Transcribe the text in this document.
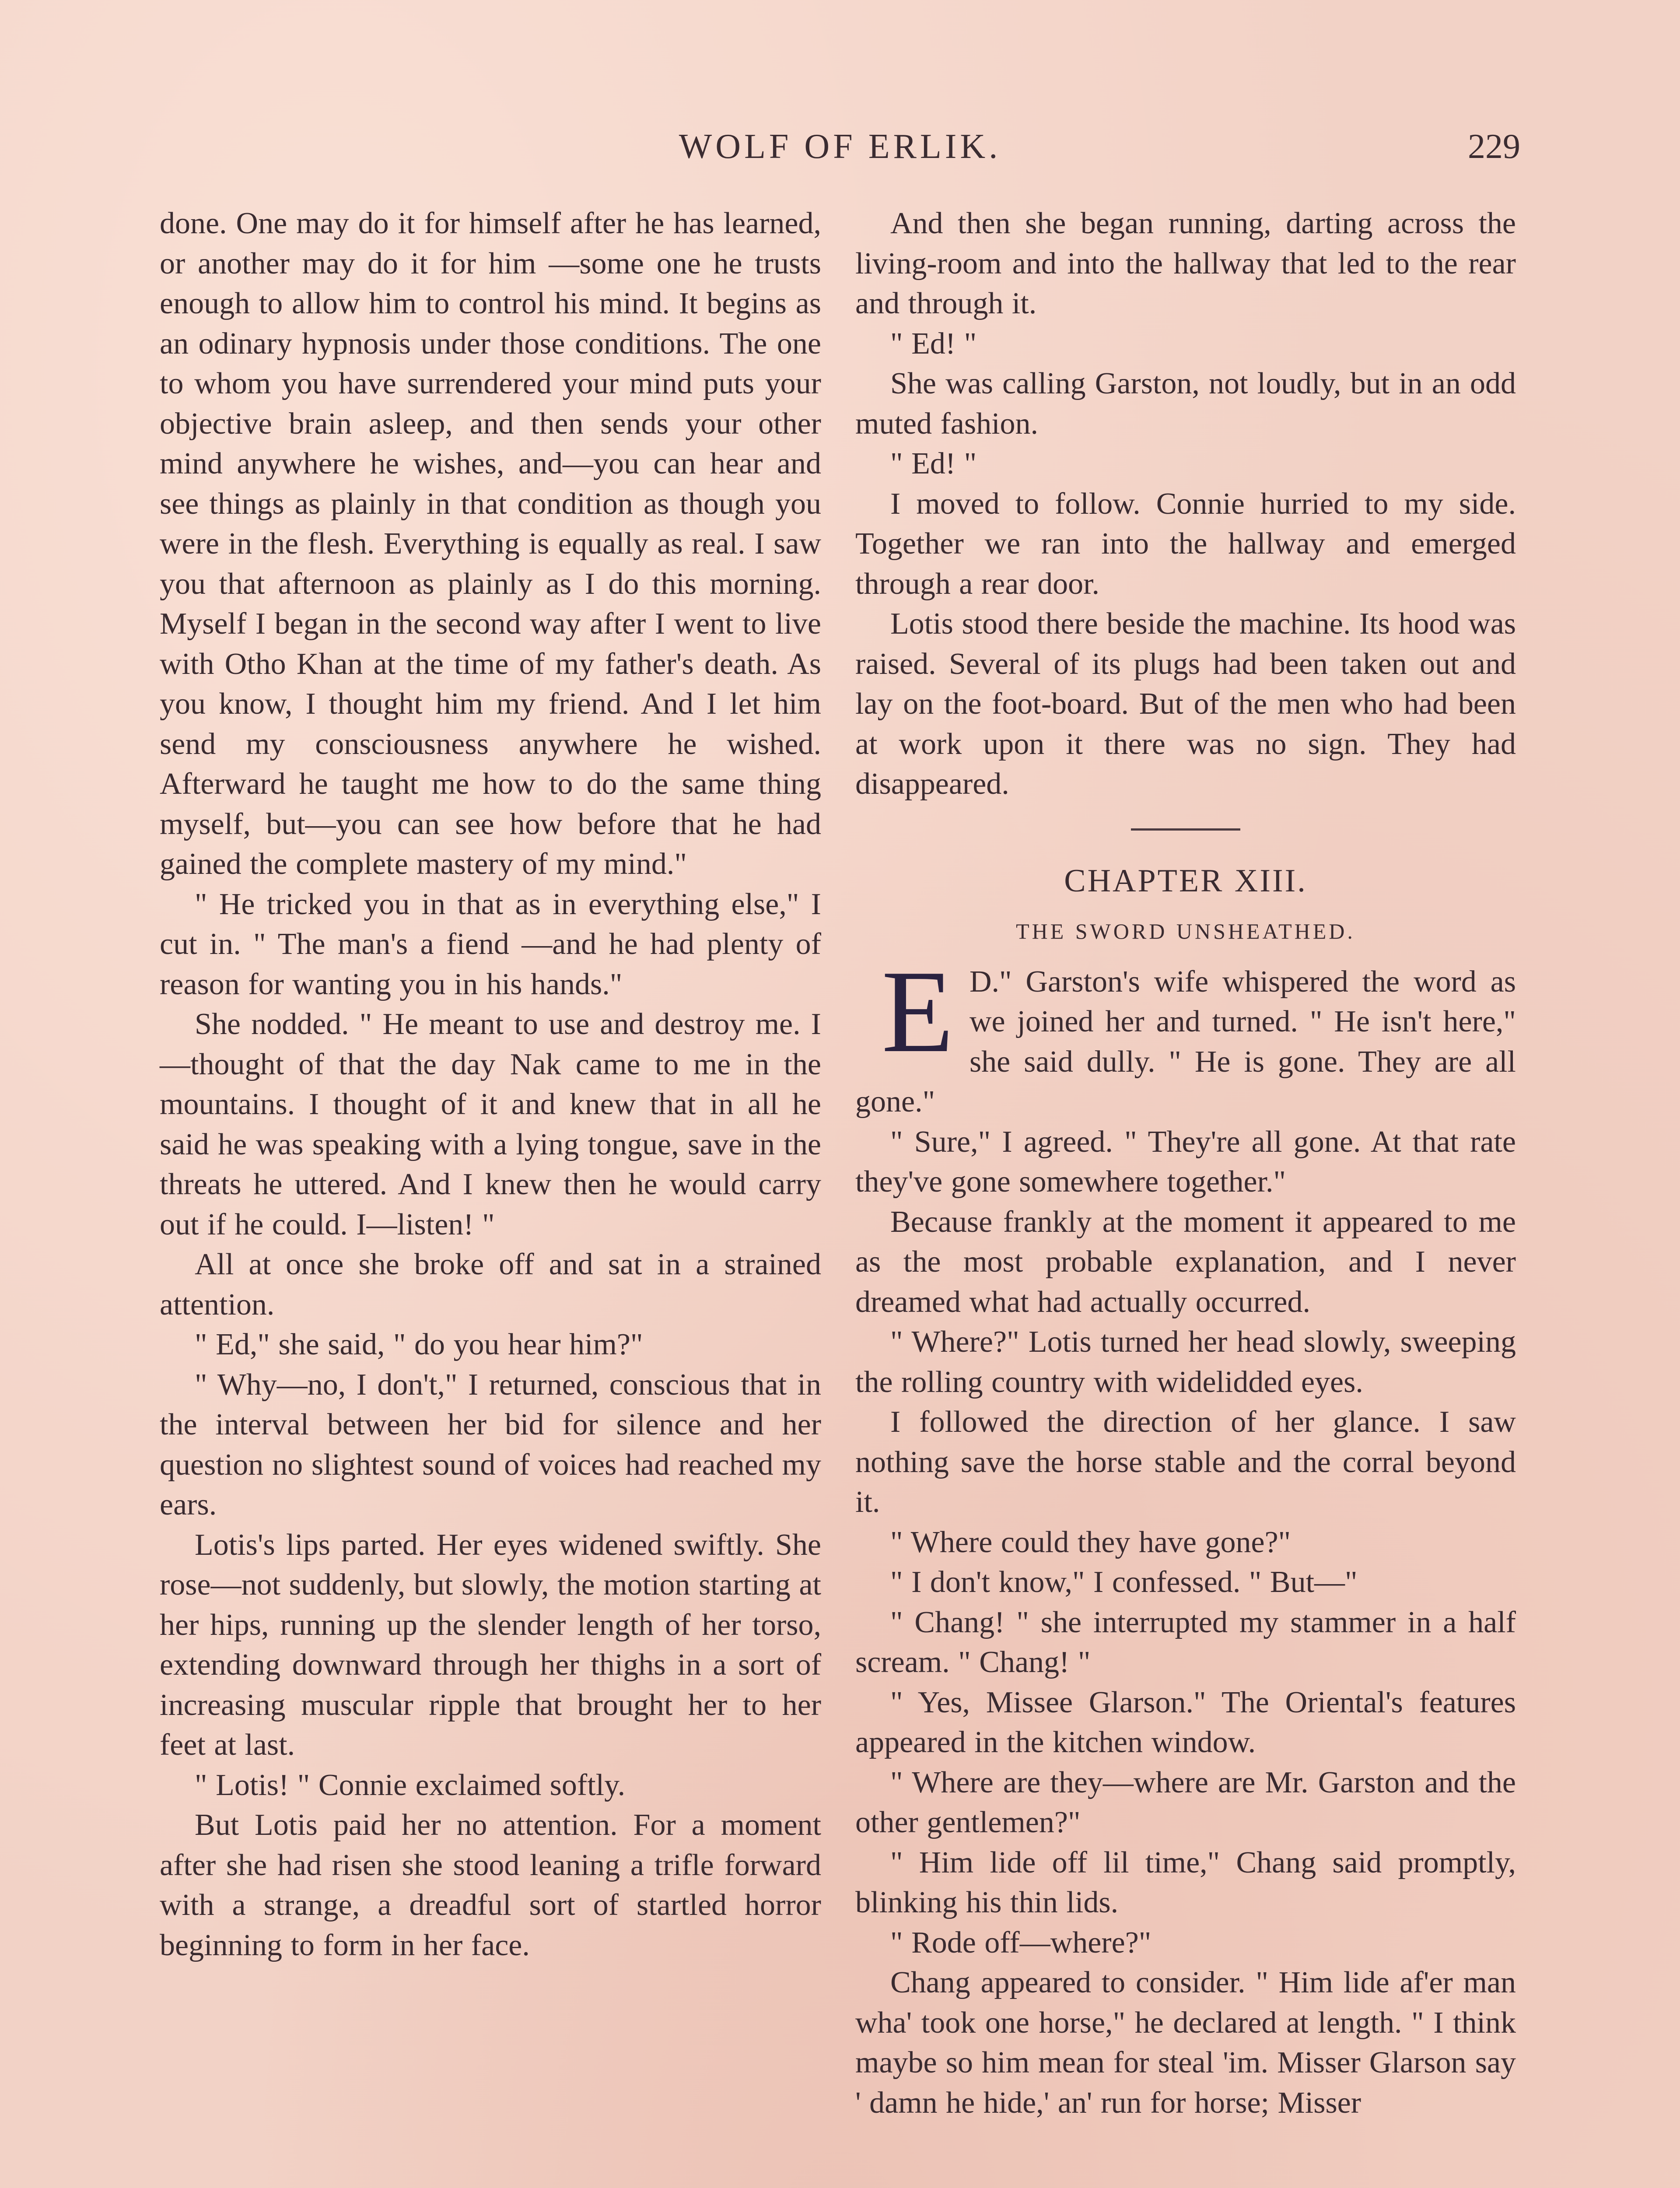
WOLF OF ERLIK.	229

done. One may do it for himself after he has learned, or another may do it for him —some one he trusts enough to allow him to control his mind. It begins as an odinary hypnosis under those conditions. The one to whom you have surrendered your mind puts your objective brain asleep, and then sends your other mind anywhere he wishes, and—you can hear and see things as plainly in that condition as though you were in the flesh. Everything is equally as real. I saw you that afternoon as plainly as I do this morning. Myself I began in the second way after I went to live with Otho Khan at the time of my father's death. As you know, I thought him my friend. And I let him send my consciousness anywhere he wished. Afterward he taught me how to do the same thing myself, but—you can see how before that he had gained the complete mastery of my mind."

" He tricked you in that as in everything else," I cut in. " The man's a fiend —and he had plenty of reason for wanting you in his hands."

She nodded. " He meant to use and destroy me. I—thought of that the day Nak came to me in the mountains. I thought of it and knew that in all he said he was speaking with a lying tongue, save in the threats he uttered. And I knew then he would carry out if he could. I—listen! "

All at once she broke off and sat in a strained attention.

" Ed," she said, " do you hear him?"

" Why—no, I don't," I returned, conscious that in the interval between her bid for silence and her question no slightest sound of voices had reached my ears.

Lotis's lips parted. Her eyes widened swiftly. She rose—not suddenly, but slowly, the motion starting at her hips, running up the slender length of her torso, extending downward through her thighs in a sort of increasing muscular ripple that brought her to her feet at last.

" Lotis! " Connie exclaimed softly.

But Lotis paid her no attention. For a moment after she had risen she stood leaning a trifle forward with a strange, a dreadful sort of startled horror beginning to form in her face.

And then she began running, darting across the living-room and into the hallway that led to the rear and through it.

" Ed! "

She was calling Garston, not loudly, but in an odd muted fashion.

" Ed! "

I moved to follow. Connie hurried to my side. Together we ran into the hallway and emerged through a rear door.

Lotis stood there beside the machine. Its hood was raised. Several of its plugs had been taken out and lay on the foot-board. But of the men who had been at work upon it there was no sign. They had disappeared.

CHAPTER XIII.

THE SWORD UNSHEATHED.

E D." Garston's wife whispered the word as we joined her and turned. " He isn't here," she said dully. " He is gone. They are all gone."

" Sure," I agreed. " They're all gone. At that rate they've gone somewhere together."

Because frankly at the moment it appeared to me as the most probable explanation, and I never dreamed what had actually occurred.

" Where?" Lotis turned her head slowly, sweeping the rolling country with widelidded eyes.

I followed the direction of her glance. I saw nothing save the horse stable and the corral beyond it.

" Where could they have gone?"

" I don't know," I confessed. " But—"

" Chang! " she interrupted my stammer in a half scream. " Chang! "

" Yes, Missee Glarson." The Oriental's features appeared in the kitchen window.

" Where are they—where are Mr. Garston and the other gentlemen?"

" Him lide off lil time," Chang said promptly, blinking his thin lids.

" Rode off—where?"

Chang appeared to consider. " Him lide af'er man wha' took one horse," he declared at length. " I think maybe so him mean for steal 'im. Misser Glarson say ' damn he hide,' an' run for horse; Misser
